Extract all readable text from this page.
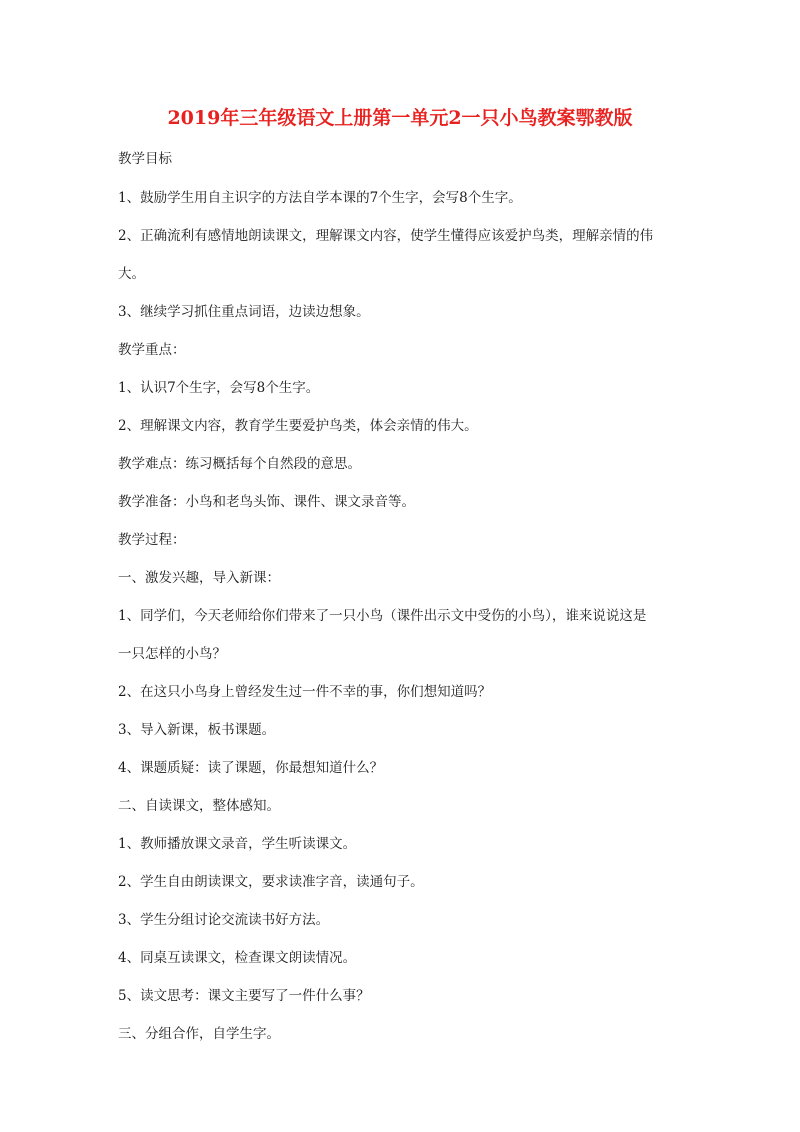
2019年三年级语文上册第一单元2一只小鸟教案鄂教版
教学目标
1、鼓励学生用自主识字的方法自学本课的7个生字，会写8个生字。
2、正确流利有感情地朗读课文，理解课文内容，使学生懂得应该爱护鸟类，理解亲情的伟
大。
3、继续学习抓住重点词语，边读边想象。
教学重点：
1、认识7个生字，会写8个生字。
2、理解课文内容，教育学生要爱护鸟类，体会亲情的伟大。
教学难点：练习概括每个自然段的意思。
教学准备：小鸟和老鸟头饰、课件、课文录音等。
教学过程：
一、激发兴趣，导入新课：
1、同学们，今天老师给你们带来了一只小鸟（课件出示文中受伤的小鸟），谁来说说这是
一只怎样的小鸟？
2、在这只小鸟身上曾经发生过一件不幸的事，你们想知道吗？
3、导入新课，板书课题。
4、课题质疑：读了课题，你最想知道什么？
二、自读课文，整体感知。
1、教师播放课文录音，学生听读课文。
2、学生自由朗读课文，要求读准字音，读通句子。
3、学生分组讨论交流读书好方法。
4、同桌互读课文，检查课文朗读情况。
5、读文思考：课文主要写了一件什么事？
三、分组合作，自学生字。
